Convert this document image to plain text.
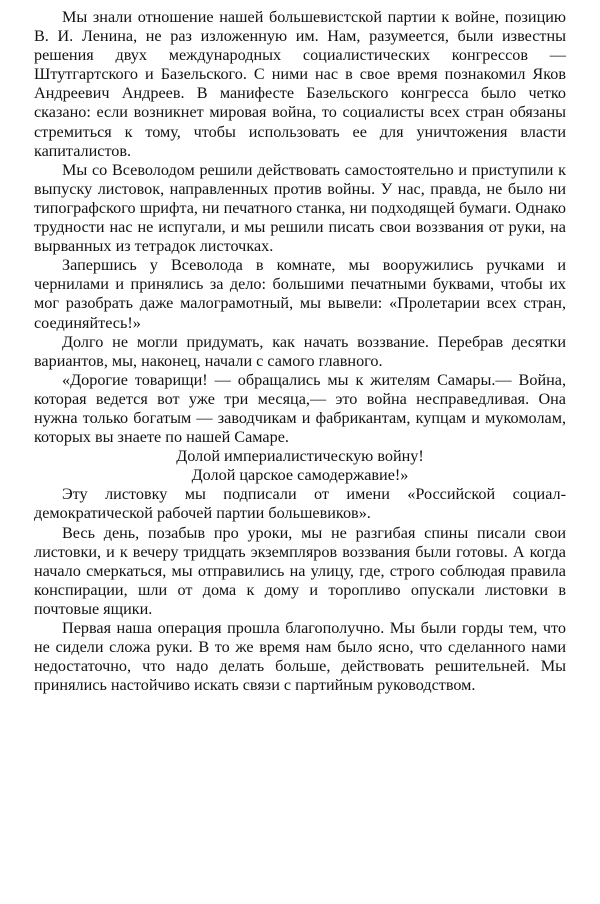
Мы знали отношение нашей большевистской партии к войне, позицию В. И. Ленина, не раз изложенную им. Нам, разумеется, были известны решения двух международных социалистических конгрессов — Штутгартского и Базельского. С ними нас в свое время познакомил Яков Андреевич Андреев. В манифесте Базельского конгресса было четко сказано: если возникнет мировая война, то социалисты всех стран обязаны стремиться к тому, чтобы использовать ее для уничтожения власти капиталистов.

Мы со Всеволодом решили действовать самостоятельно и приступили к выпуску листовок, направленных против войны. У нас, правда, не было ни типографского шрифта, ни печатного станка, ни подходящей бумаги. Однако трудности нас не испугали, и мы решили писать свои воззвания от руки, на вырванных из тетрадок листочках.

Запершись у Всеволода в комнате, мы вооружились ручками и чернилами и принялись за дело: большими печатными буквами, чтобы их мог разобрать даже малограмотный, мы вывели: «Пролетарии всех стран, соединяйтесь!»

Долго не могли придумать, как начать воззвание. Перебрав десятки вариантов, мы, наконец, начали с самого главного.

«Дорогие товарищи! — обращались мы к жителям Самары.— Война, которая ведется вот уже три месяца,— это война несправедливая. Она нужна только богатым — заводчикам и фабрикантам, купцам и мукомолам, которых вы знаете по нашей Самаре.

Долой империалистическую войну!

Долой царское самодержавие!»

Эту листовку мы подписали от имени «Российской социал-демократической рабочей партии большевиков».

Весь день, позабыв про уроки, мы не разгибая спины писали свои листовки, и к вечеру тридцать экземпляров воззвания были готовы. А когда начало смеркаться, мы отправились на улицу, где, строго соблюдая правила конспирации, шли от дома к дому и торопливо опускали листовки в почтовые ящики.

Первая наша операция прошла благополучно. Мы были горды тем, что не сидели сложа руки. В то же время нам было ясно, что сделанного нами недостаточно, что надо делать больше, действовать решительней. Мы принялись настойчиво искать связи с партийным руководством.
